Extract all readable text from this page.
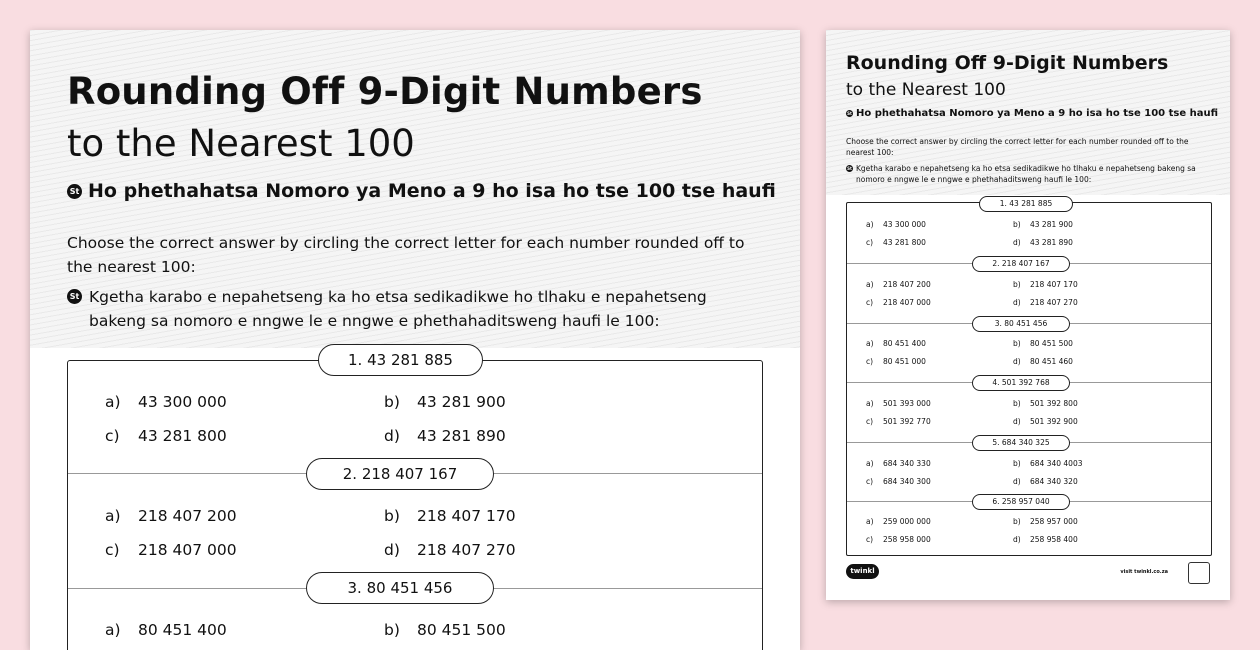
Rounding Off 9-Digit Numbers
to the Nearest 100
St Ho phethahatsa Nomoro ya Meno a 9 ho isa ho tse 100 tse haufi
Choose the correct answer by circling the correct letter for each number rounded off to the nearest 100:
St Kgetha karabo e nepahetseng ka ho etsa sedikadikwe ho tlhaku e nepahetseng bakeng sa nomoro e nngwe le e nngwe e phethahaditsweng haufi le 100:
1. 43 281 885
a) 43 300 000	b) 43 281 900
c) 43 281 800	d) 43 281 890
2. 218 407 167
a) 218 407 200	b) 218 407 170
c) 218 407 000	d) 218 407 270
3. 80 451 456
a) 80 451 400	b) 80 451 500
Rounding Off 9-Digit Numbers
to the Nearest 100
St Ho phethahatsa Nomoro ya Meno a 9 ho isa ho tse 100 tse haufi
Choose the correct answer by circling the correct letter for each number rounded off to the nearest 100:
St Kgetha karabo e nepahetseng ka ho etsa sedikadikwe ho tlhaku e nepahetseng bakeng sa nomoro e nngwe le e nngwe e phethahaditsweng haufi le 100:
1. 43 281 885
a) 43 300 000	b) 43 281 900
c) 43 281 800	d) 43 281 890
2. 218 407 167
a) 218 407 200	b) 218 407 170
c) 218 407 000	d) 218 407 270
3. 80 451 456
a) 80 451 400	b) 80 451 500
c) 80 451 000	d) 80 451 460
4. 501 392 768
a) 501 393 000	b) 501 392 800
c) 501 392 770	d) 501 392 900
5. 684 340 325
a) 684 340 330	b) 684 340 4003
c) 684 340 300	d) 684 340 320
6. 258 957 040
a) 259 000 000	b) 258 957 000
c) 258 958 000	d) 258 958 400
twinkl	visit twinkl.co.za
